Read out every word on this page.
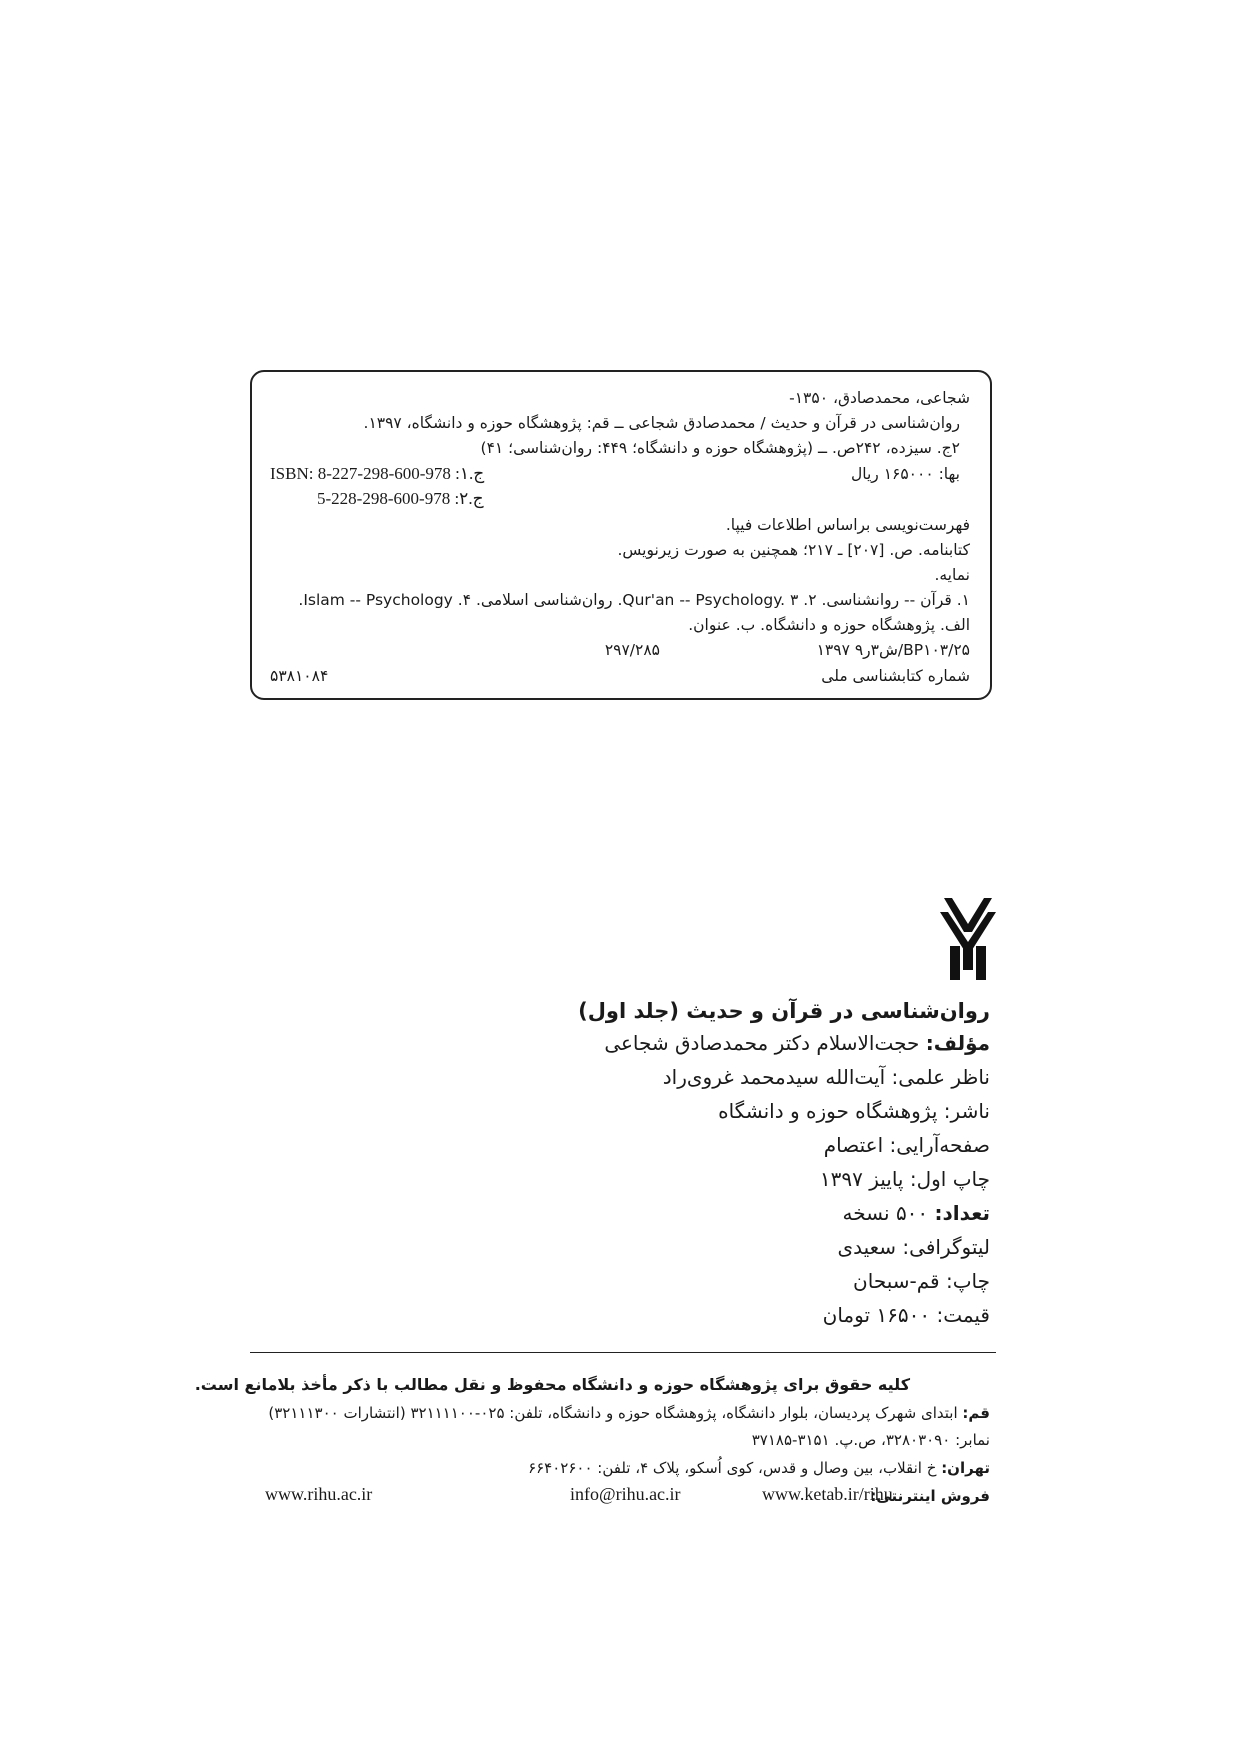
شجاعی، محمدصادق، ۱۳۵۰-
روان‌شناسی در قرآن و حدیث / محمدصادق شجاعی ــ قم: پژوهشگاه حوزه و دانشگاه، ۱۳۹۷.
۲ج. سیزده، ۲۴۲ص. ــ (پژوهشگاه حوزه و دانشگاه؛ ۴۴۹: روان‌شناسی؛ ۴۱)
بها: ۱۶۵۰۰۰ ریال
ISBN: ج.۱: 978-600-298-227-8
ج.۲: 978-600-298-228-5
فهرست‌نویسی براساس اطلاعات فیپا.
کتابنامه. ص. [۲۰۷] ـ ۲۱۷؛ همچنین به صورت زیرنویس.
نمایه.
۱. قرآن -- روانشناسی. ۲. Qur'an -- Psychology. ۳. روان‌شناسی اسلامی. ۴. Islam -- Psychology.
الف. پژوهشگاه حوزه و دانشگاه. ب. عنوان.
BP۱۰۳/۲۵/ش۳ر۹ ۱۳۹۷
۲۹۷/۲۸۵
شماره کتابشناسی ملی
۵۳۸۱۰۸۴
روان‌شناسی در قرآن و حدیث (جلد اول)
مؤلف: حجت‌الاسلام دکتر محمدصادق شجاعی
ناظر علمی: آیت‌الله سیدمحمد غروی‌راد
ناشر: پژوهشگاه حوزه و دانشگاه
صفحه‌آرایی: اعتصام
چاپ اول: پاییز ۱۳۹۷
تعداد: ۵۰۰ نسخه
لیتوگرافی: سعیدی
چاپ: قم-سبحان
قیمت: ۱۶۵۰۰ تومان
کلیه حقوق برای پژوهشگاه حوزه و دانشگاه محفوظ و نقل مطالب با ذکر مأخذ بلامانع است.
قم: ابتدای شهرک پردیسان، بلوار دانشگاه، پژوهشگاه حوزه و دانشگاه، تلفن: ۰۲۵-۳۲۱۱۱۱۰۰ (انتشارات ۳۲۱۱۱۳۰۰)
نمابر: ۳۲۸۰۳۰۹۰، ص.پ. ۳۱۵۱-۳۷۱۸۵
تهران: خ انقلاب، بین وصال و قدس، کوی اُسکو، پلاک ۴، تلفن: ۶۶۴۰۲۶۰۰
فروش اینترنتی:
www.ketab.ir/rihu
info@rihu.ac.ir
www.rihu.ac.ir
